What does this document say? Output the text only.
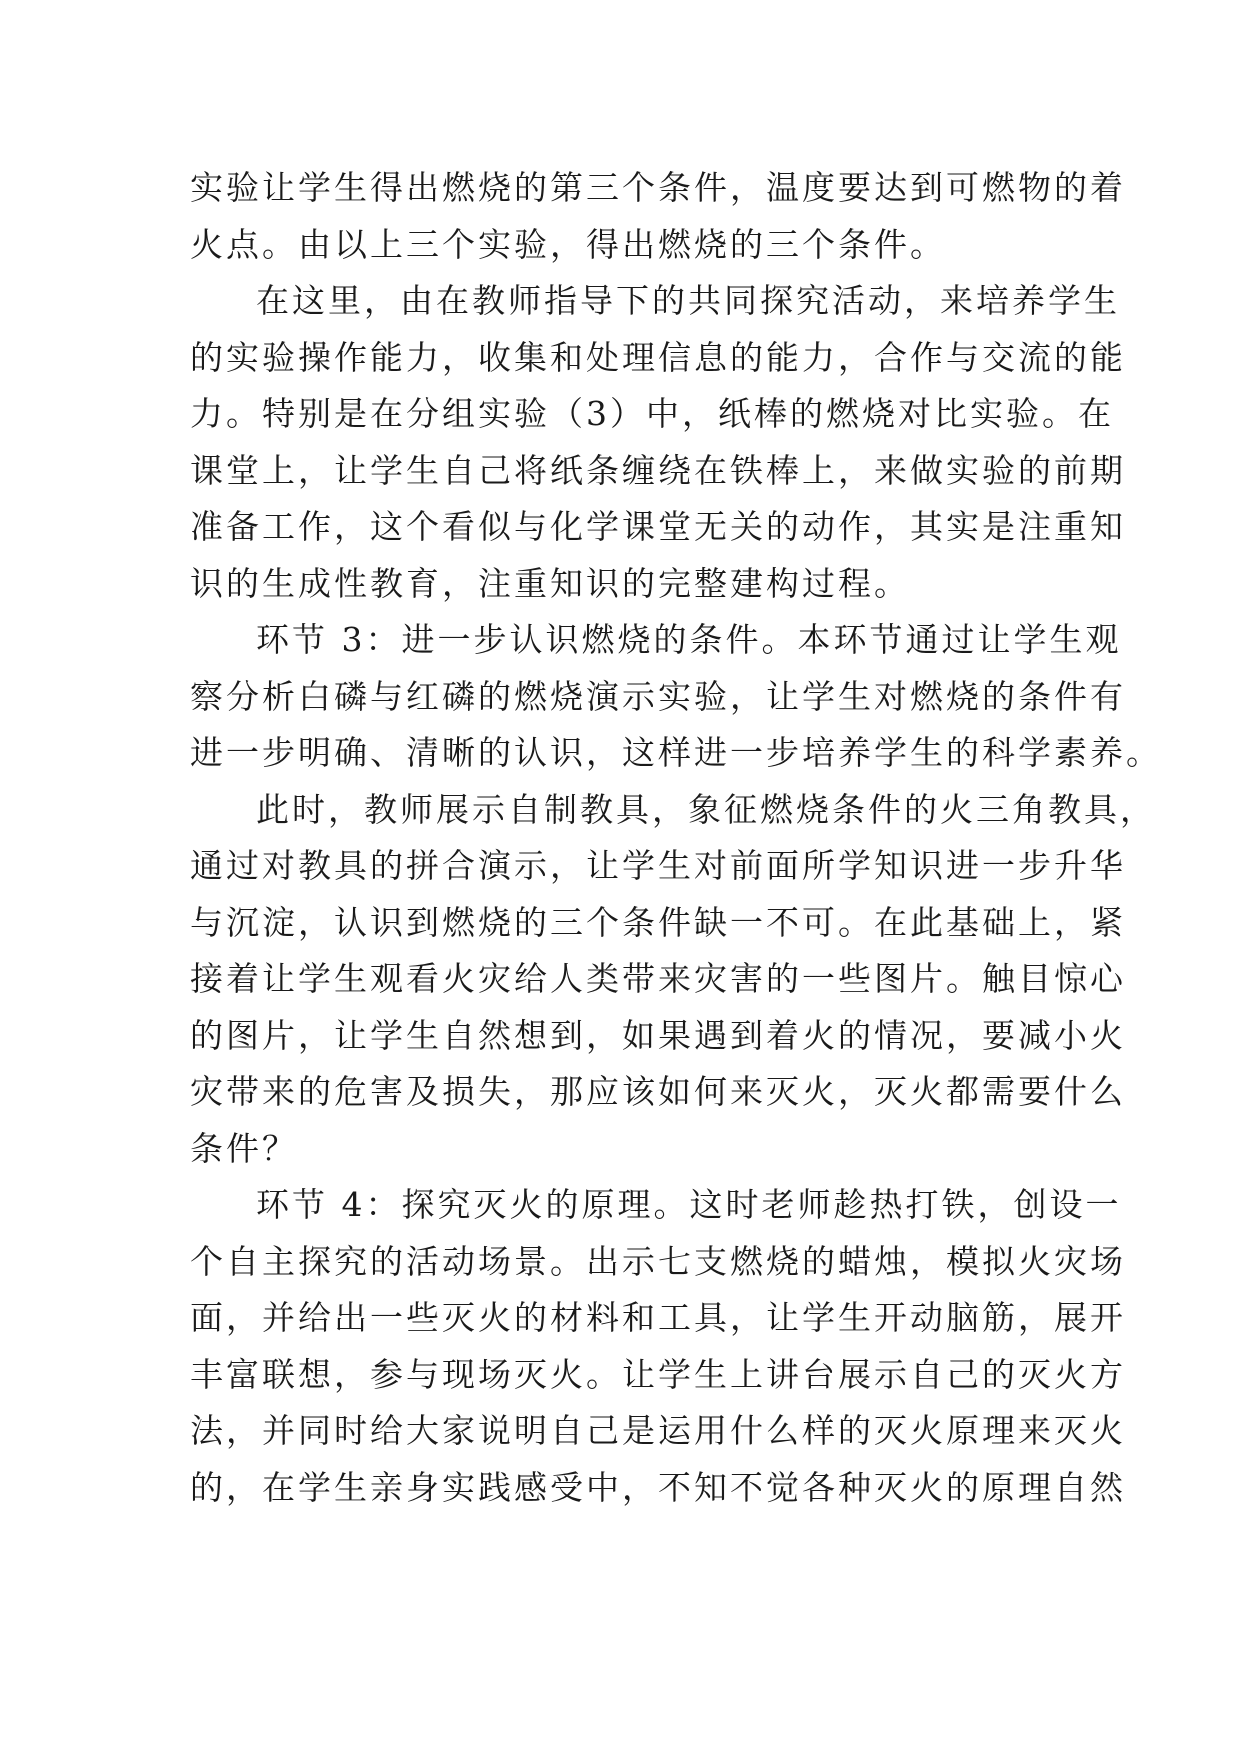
实验让学生得出燃烧的第三个条件，温度要达到可燃物的着
火点。由以上三个实验，得出燃烧的三个条件。
在这里，由在教师指导下的共同探究活动，来培养学生
的实验操作能力，收集和处理信息的能力，合作与交流的能
力。特别是在分组实验（3）中，纸棒的燃烧对比实验。在
课堂上，让学生自己将纸条缠绕在铁棒上，来做实验的前期
准备工作，这个看似与化学课堂无关的动作，其实是注重知
识的生成性教育，注重知识的完整建构过程。
环节 3：进一步认识燃烧的条件。本环节通过让学生观
察分析白磷与红磷的燃烧演示实验，让学生对燃烧的条件有
进一步明确、清晰的认识，这样进一步培养学生的科学素养。
此时，教师展示自制教具，象征燃烧条件的火三角教具，
通过对教具的拼合演示，让学生对前面所学知识进一步升华
与沉淀，认识到燃烧的三个条件缺一不可。在此基础上，紧
接着让学生观看火灾给人类带来灾害的一些图片。触目惊心
的图片，让学生自然想到，如果遇到着火的情况，要减小火
灾带来的危害及损失，那应该如何来灭火，灭火都需要什么
条件？
环节 4：探究灭火的原理。这时老师趁热打铁，创设一
个自主探究的活动场景。出示七支燃烧的蜡烛，模拟火灾场
面，并给出一些灭火的材料和工具，让学生开动脑筋，展开
丰富联想，参与现场灭火。让学生上讲台展示自己的灭火方
法，并同时给大家说明自己是运用什么样的灭火原理来灭火
的，在学生亲身实践感受中，不知不觉各种灭火的原理自然
